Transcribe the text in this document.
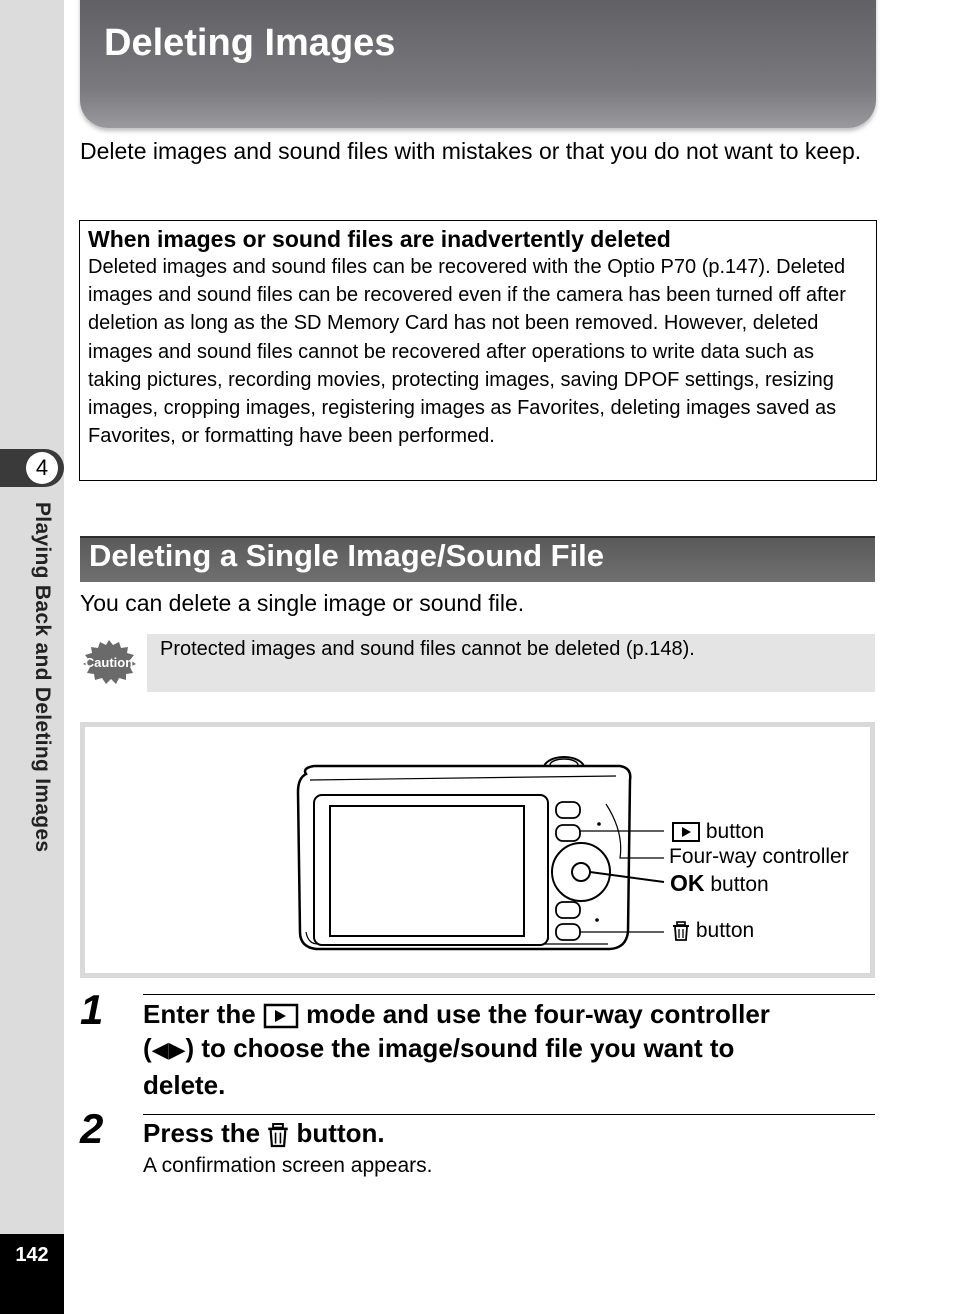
4
Playing Back and Deleting Images
142
Deleting Images
Delete images and sound files with mistakes or that you do not want to keep.
When images or sound files are inadvertently deleted
Deleted images and sound files can be recovered with the Optio P70 (p.147). Deleted images and sound files can be recovered even if the camera has been turned off after deletion as long as the SD Memory Card has not been removed. However, deleted images and sound files cannot be recovered after operations to write data such as taking pictures, recording movies, protecting images, saving DPOF settings, resizing images, cropping images, registering images as Favorites, deleting images saved as Favorites, or formatting have been performed.
Deleting a Single Image/Sound File
You can delete a single image or sound file.
Caution
Protected images and sound files cannot be deleted (p.148).
button
Four-way controller
OK button
button
1 Enter the mode and use the four-way controller
(◀▶) to choose the image/sound file you want to
delete.
2 Press the button.
A confirmation screen appears.
